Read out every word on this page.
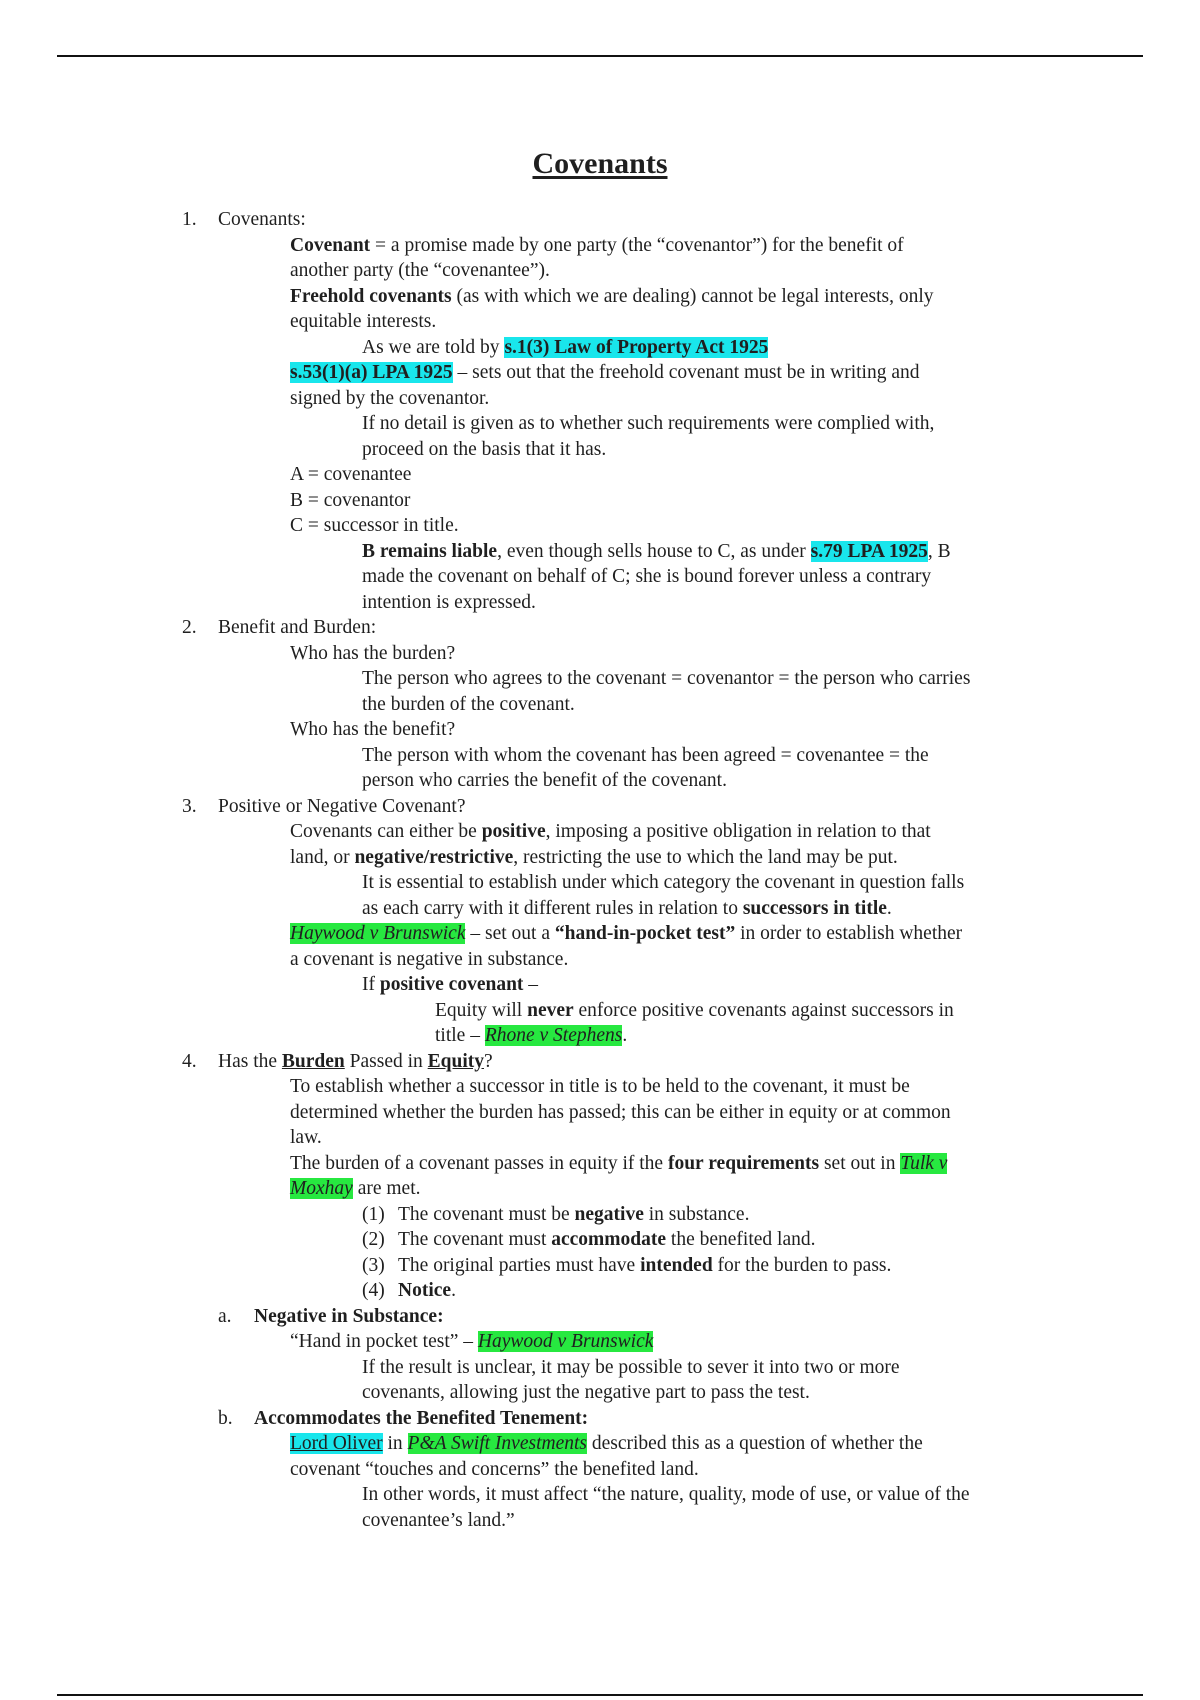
Covenants
1. Covenants:
Covenant = a promise made by one party (the “covenantor”) for the benefit of
another party (the “covenantee”).
Freehold covenants (as with which we are dealing) cannot be legal interests, only
equitable interests.
As we are told by s.1(3) Law of Property Act 1925
s.53(1)(a) LPA 1925 – sets out that the freehold covenant must be in writing and
signed by the covenantor.
If no detail is given as to whether such requirements were complied with,
proceed on the basis that it has.
A = covenantee
B = covenantor
C = successor in title.
B remains liable, even though sells house to C, as under s.79 LPA 1925, B
made the covenant on behalf of C; she is bound forever unless a contrary
intention is expressed.
2. Benefit and Burden:
Who has the burden?
The person who agrees to the covenant = covenantor = the person who carries
the burden of the covenant.
Who has the benefit?
The person with whom the covenant has been agreed = covenantee = the
person who carries the benefit of the covenant.
3. Positive or Negative Covenant?
Covenants can either be positive, imposing a positive obligation in relation to that
land, or negative/restrictive, restricting the use to which the land may be put.
It is essential to establish under which category the covenant in question falls
as each carry with it different rules in relation to successors in title.
Haywood v Brunswick – set out a “hand-in-pocket test” in order to establish whether
a covenant is negative in substance.
If positive covenant –
Equity will never enforce positive covenants against successors in
title – Rhone v Stephens.
4. Has the Burden Passed in Equity?
To establish whether a successor in title is to be held to the covenant, it must be
determined whether the burden has passed; this can be either in equity or at common
law.
The burden of a covenant passes in equity if the four requirements set out in Tulk v
Moxhay are met.
(1) The covenant must be negative in substance.
(2) The covenant must accommodate the benefited land.
(3) The original parties must have intended for the burden to pass.
(4) Notice.
a. Negative in Substance:
“Hand in pocket test” – Haywood v Brunswick
If the result is unclear, it may be possible to sever it into two or more
covenants, allowing just the negative part to pass the test.
b. Accommodates the Benefited Tenement:
Lord Oliver in P&A Swift Investments described this as a question of whether the
covenant “touches and concerns” the benefited land.
In other words, it must affect “the nature, quality, mode of use, or value of the
covenantee’s land.”
